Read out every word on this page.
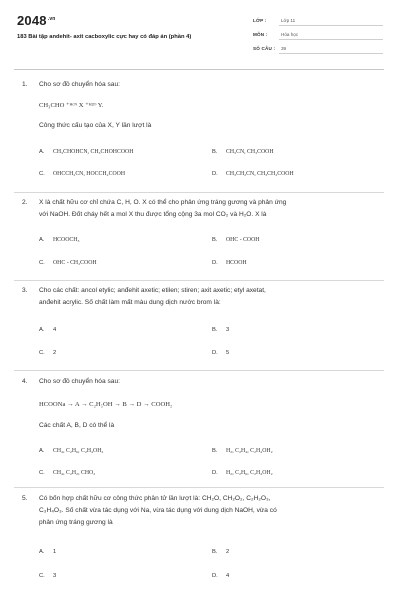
$2048^{.vn}$
183 Bài tập andehit- axit cacboxylic cực hay có đáp án (phần 4)
LỚP :	Lớp 11
MÔN :	Hóa học
SỐ CÂU : 39
1.	Cho sơ đồ chuyển hóa sau:
CH₃CHO ⁺ᴴᶜᴺ X ⁺ᴴ²ᴼ Y.
Công thức cấu tạo của X, Y lần lượt là
A. CH₃CHOHCN, CH₃CHOHCOOH	B. CH₃CN, CH₃COOH
C. OHCCH₂CN, HOCCH₂COOH	D. CH₃CH₂CN, CH₃CH₂COOH
2.	X là chất hữu cơ chỉ chứa C, H, O. X có thể cho phản ứng tráng gương và phản ứng
với NaOH. Đốt cháy hết a mol X thu được tổng cộng 3a mol CO₂ và H₂O. X là
A. HCOOCH₃	B. OHC - COOH
C. OHC - CH₂COOH	D. HCOOH
3.	Cho các chất: ancol etylic; anđehit axetic; etilen; stiren; axit axetic; etyl axetat,
anđehit acrylic. Số chất làm mất màu dung dịch nước brom là:
A. 4	B. 3
C. 2	D. 5
4.	Cho sơ đồ chuyển hóa sau:
HCOONa → A → C₂H₅OH → B → D → COOH₂
Các chất A, B, D có thể là
A. CH₄, C₂H₆, C₂H₄OH₂	B. H₂, C₂H₄, C₂H₄OH₂
C. CH₄, C₂H₂, CHO₂	D. H₂, C₂H₆, C₂H₄OH₂
5.	Có bốn hợp chất hữu cơ công thức phân tử lần lượt là: CH₂O, CH₂O₂, C₂H₂O₃,
C₃H₄O₃. Số chất vừa tác dụng với Na, vừa tác dụng với dung dịch NaOH, vừa có
phản ứng tráng gương là
A. 1	B. 2
C. 3	D. 4
